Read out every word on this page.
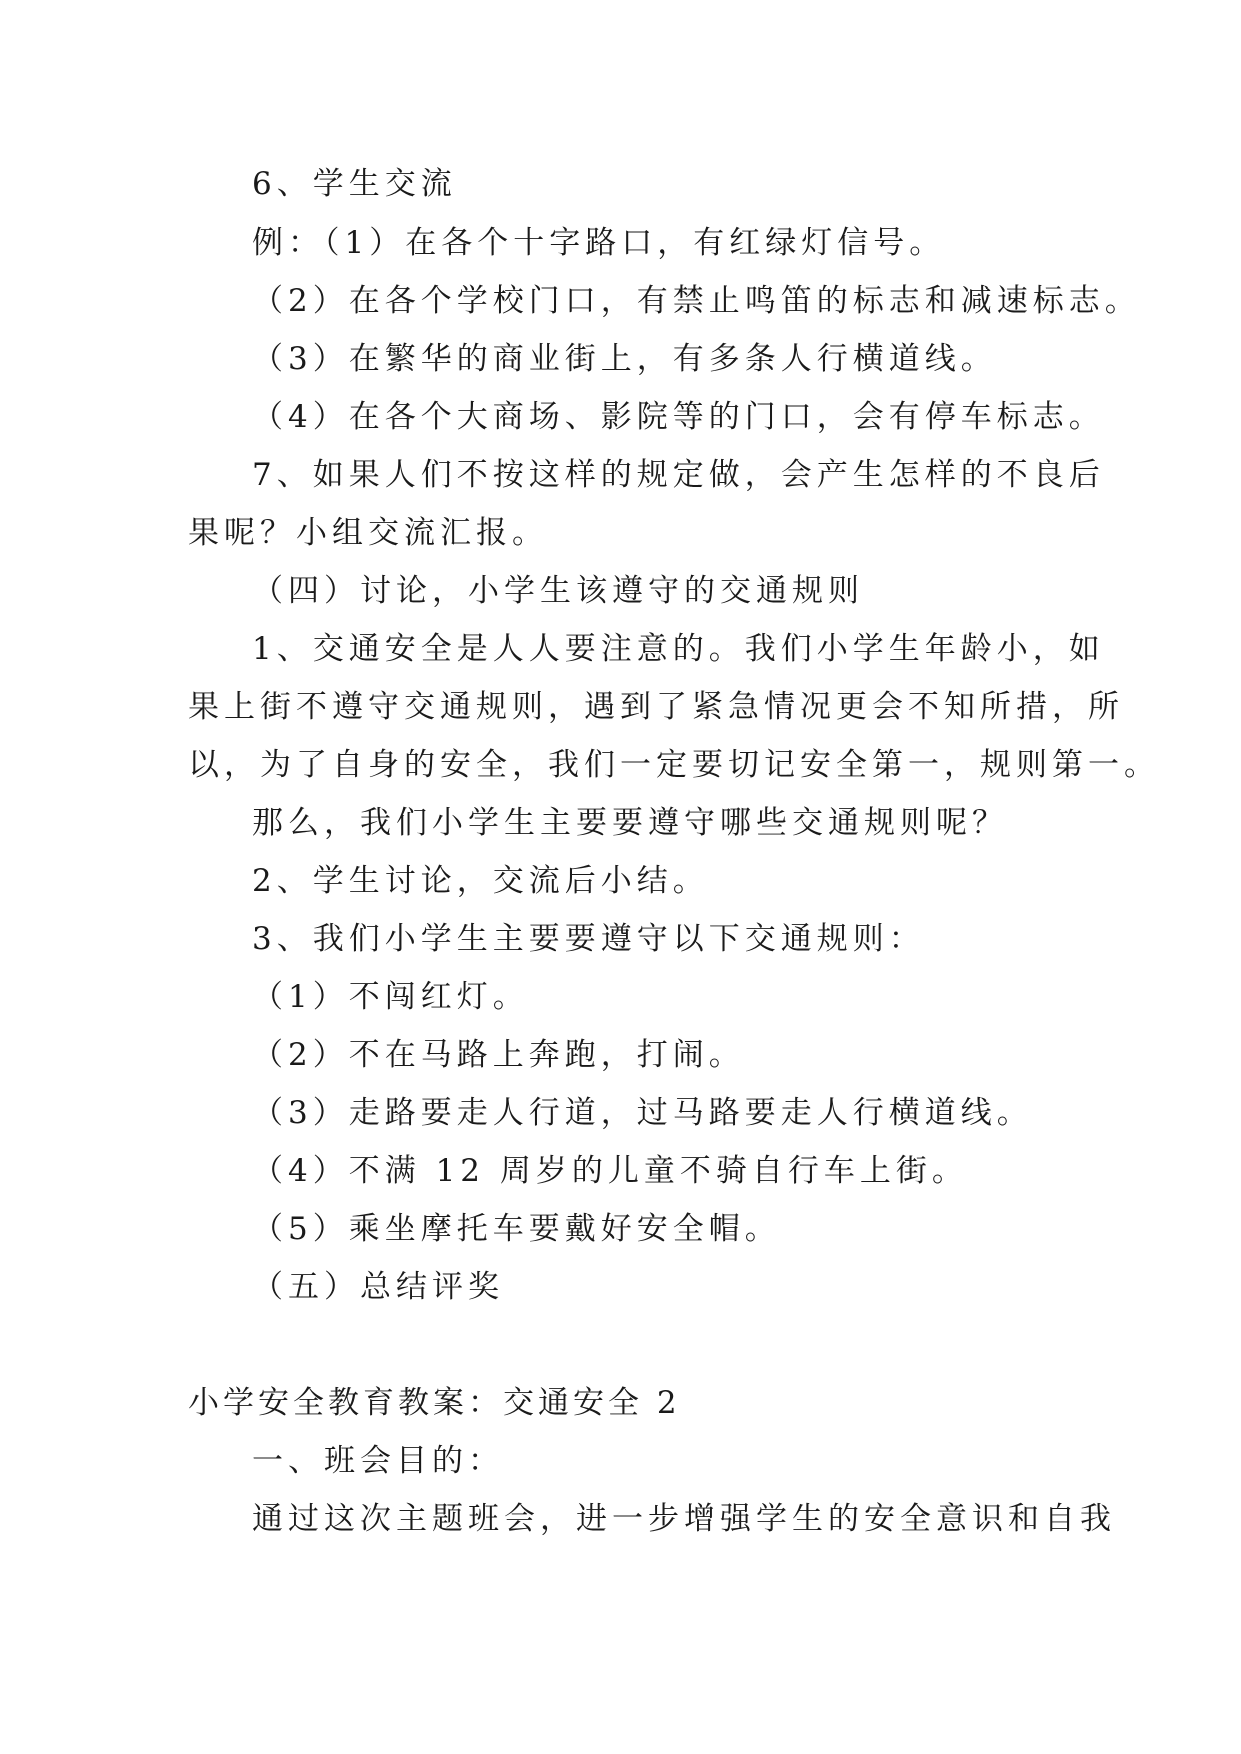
6、学生交流
例：（1）在各个十字路口，有红绿灯信号。
（2）在各个学校门口，有禁止鸣笛的标志和减速标志。
（3）在繁华的商业街上，有多条人行横道线。
（4）在各个大商场、影院等的门口，会有停车标志。
7、如果人们不按这样的规定做，会产生怎样的不良后
果呢？小组交流汇报。
（四）讨论，小学生该遵守的交通规则
1、交通安全是人人要注意的。我们小学生年龄小，如
果上街不遵守交通规则，遇到了紧急情况更会不知所措，所
以，为了自身的安全，我们一定要切记安全第一，规则第一。
那么，我们小学生主要要遵守哪些交通规则呢？
2、学生讨论，交流后小结。
3、我们小学生主要要遵守以下交通规则：
（1）不闯红灯。
（2）不在马路上奔跑，打闹。
（3）走路要走人行道，过马路要走人行横道线。
（4）不满 12 周岁的儿童不骑自行车上街。
（5）乘坐摩托车要戴好安全帽。
（五）总结评奖
小学安全教育教案：交通安全 2
一、班会目的：
通过这次主题班会，进一步增强学生的安全意识和自我
